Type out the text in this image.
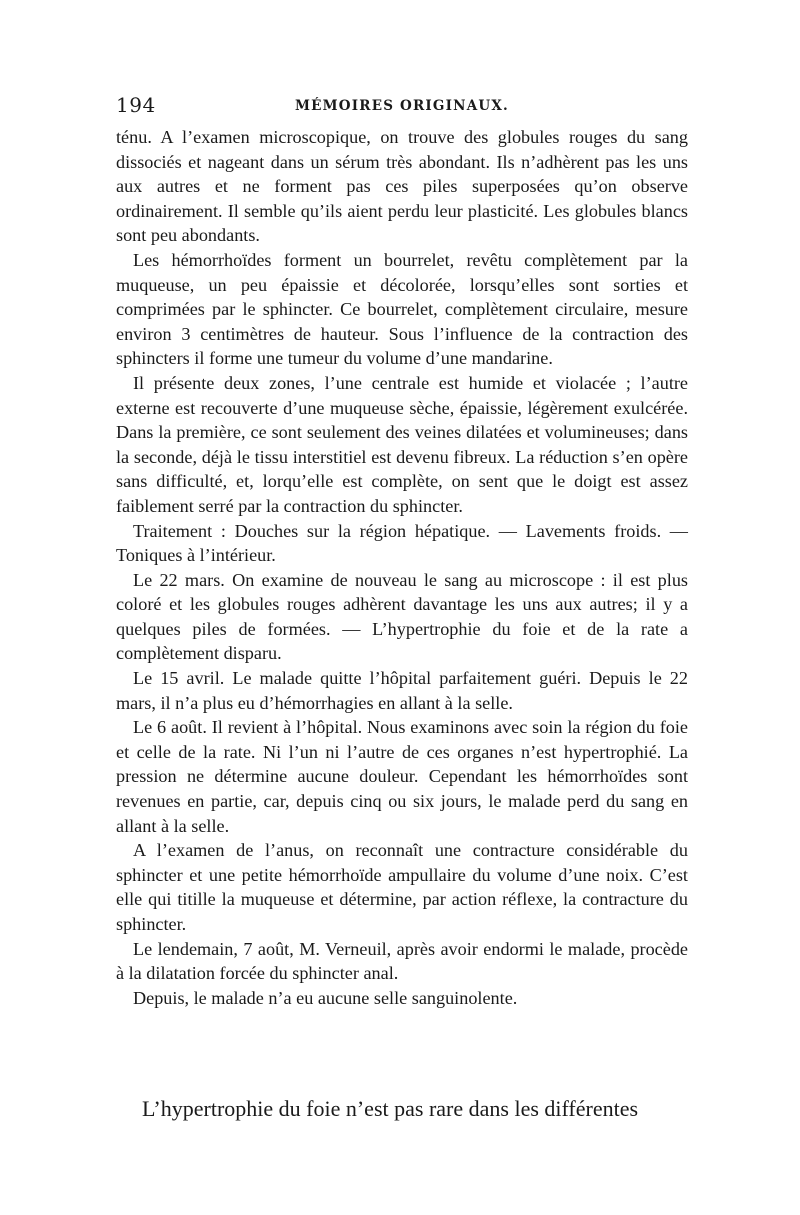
194	MÉMOIRES ORIGINAUX.

ténu. A l’examen microscopique, on trouve des globules rouges du sang dissociés et nageant dans un sérum très abondant. Ils n’adhèrent pas les uns aux autres et ne forment pas ces piles superposées qu’on observe ordinairement. Il semble qu’ils aient perdu leur plasticité. Les globules blancs sont peu abondants.

Les hémorrhoïdes forment un bourrelet, revêtu complètement par la muqueuse, un peu épaissie et décolorée, lorsqu’elles sont sorties et comprimées par le sphincter. Ce bourrelet, complètement circulaire, mesure environ 3 centimètres de hauteur. Sous l’influence de la contraction des sphincters il forme une tumeur du volume d’une mandarine.

Il présente deux zones, l’une centrale est humide et violacée ; l’autre externe est recouverte d’une muqueuse sèche, épaissie, légèrement exulcérée. Dans la première, ce sont seulement des veines dilatées et volumineuses; dans la seconde, déjà le tissu interstitiel est devenu fibreux. La réduction s’en opère sans difficulté, et, lorqu’elle est complète, on sent que le doigt est assez faiblement serré par la contraction du sphincter.

Traitement : Douches sur la région hépatique. — Lavements froids. — Toniques à l’intérieur.

Le 22 mars. On examine de nouveau le sang au microscope : il est plus coloré et les globules rouges adhèrent davantage les uns aux autres; il y a quelques piles de formées. — L’hypertrophie du foie et de la rate a complètement disparu.

Le 15 avril. Le malade quitte l’hôpital parfaitement guéri. Depuis le 22 mars, il n’a plus eu d’hémorrhagies en allant à la selle.

Le 6 août. Il revient à l’hôpital. Nous examinons avec soin la région du foie et celle de la rate. Ni l’un ni l’autre de ces organes n’est hypertrophié. La pression ne détermine aucune douleur. Cependant les hémorrhoïdes sont revenues en partie, car, depuis cinq ou six jours, le malade perd du sang en allant à la selle.

A l’examen de l’anus, on reconnaît une contracture considérable du sphincter et une petite hémorrhoïde ampullaire du volume d’une noix. C’est elle qui titille la muqueuse et détermine, par action réflexe, la contracture du sphincter.

Le lendemain, 7 août, M. Verneuil, après avoir endormi le malade, procède à la dilatation forcée du sphincter anal.

Depuis, le malade n’a eu aucune selle sanguinolente.

L’hypertrophie du foie n’est pas rare dans les différentes
